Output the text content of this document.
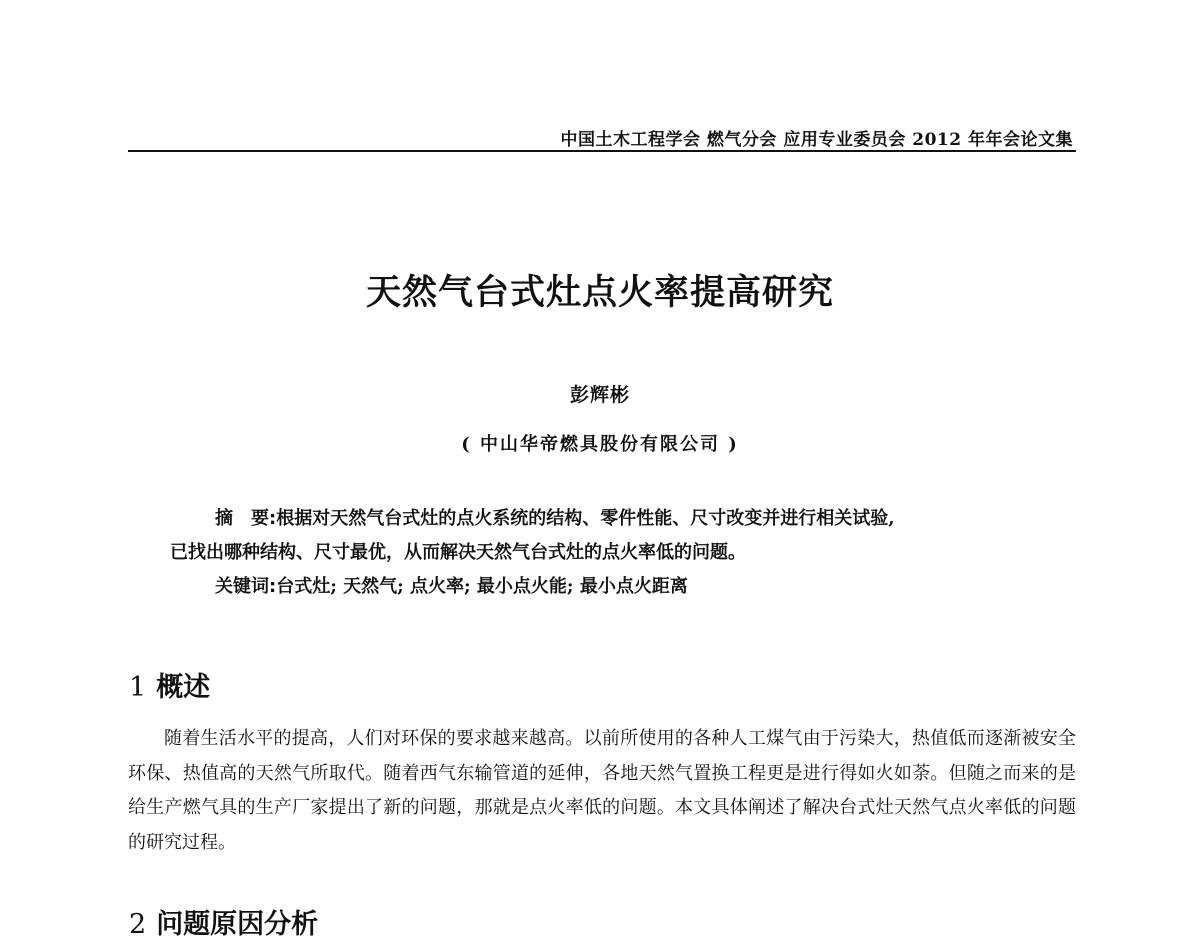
中国土木工程学会 燃气分会 应用专业委员会 2012 年年会论文集
天然气台式灶点火率提高研究
彭辉彬
( 中山华帝燃具股份有限公司 )

摘　要:根据对天然气台式灶的点火系统的结构、零件性能、尺寸改变并进行相关试验,

已找出哪种结构、尺寸最优，从而解决天然气台式灶的点火率低的问题。

关键词:台式灶; 天然气; 点火率; 最小点火能; 最小点火距离

1 概述

随着生活水平的提高，人们对环保的要求越来越高。以前所使用的各种人工煤气由于污染大，热值低而逐渐被安全环保、热值高的天然气所取代。随着西气东输管道的延伸，各地天然气置换工程更是进行得如火如荼。但随之而来的是给生产燃气具的生产厂家提出了新的问题，那就是点火率低的问题。本文具体阐述了解决台式灶天然气点火率低的问题的研究过程。

2 问题原因分析
